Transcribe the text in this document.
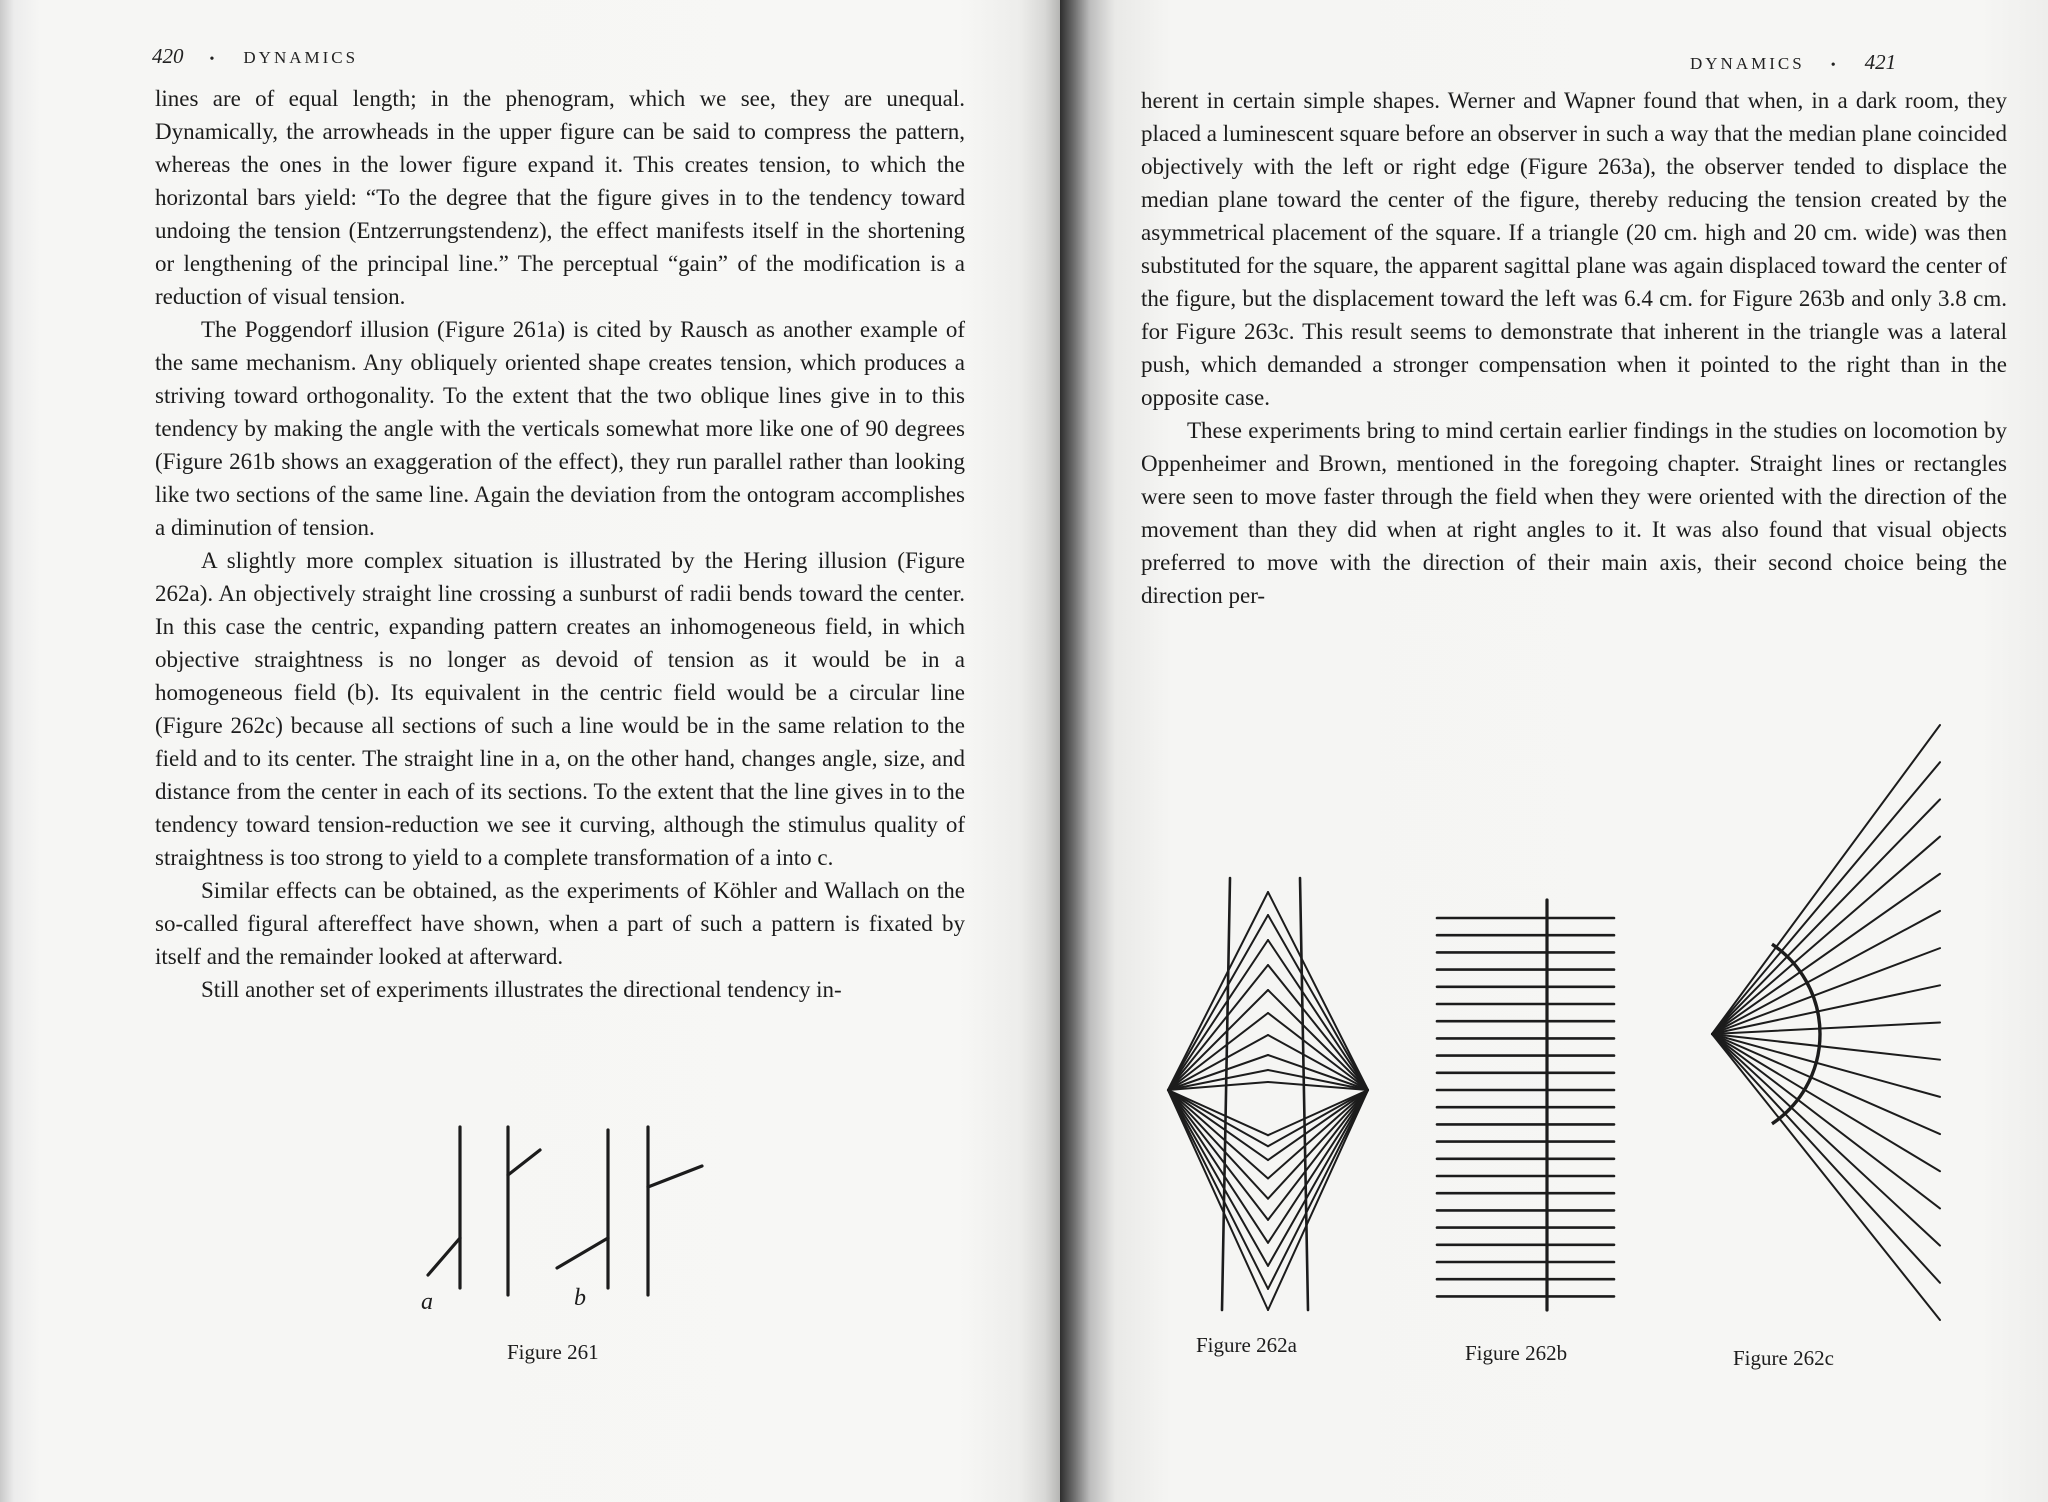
420 • DYNAMICS

lines are of equal length; in the phenogram, which we see, they are unequal. Dynamically, the arrowheads in the upper figure can be said to compress the pattern, whereas the ones in the lower figure expand it. This creates tension, to which the horizontal bars yield: “To the degree that the figure gives in to the tendency toward undoing the tension (Entzerrungstendenz), the effect manifests itself in the shortening or lengthening of the principal line.” The perceptual “gain” of the modification is a reduction of visual tension.

The Poggendorf illusion (Figure 261a) is cited by Rausch as another example of the same mechanism. Any obliquely oriented shape creates tension, which produces a striving toward orthogonality. To the extent that the two oblique lines give in to this tendency by making the angle with the verticals somewhat more like one of 90 degrees (Figure 261b shows an exaggeration of the effect), they run parallel rather than looking like two sections of the same line. Again the deviation from the ontogram accomplishes a diminution of tension.

A slightly more complex situation is illustrated by the Hering illusion (Figure 262a). An objectively straight line crossing a sunburst of radii bends toward the center. In this case the centric, expanding pattern creates an inhomogeneous field, in which objective straightness is no longer as devoid of tension as it would be in a homogeneous field (b). Its equivalent in the centric field would be a circular line (Figure 262c) because all sections of such a line would be in the same relation to the field and to its center. The straight line in a, on the other hand, changes angle, size, and distance from the center in each of its sections. To the extent that the line gives in to the tendency toward tension-reduction we see it curving, although the stimulus quality of straightness is too strong to yield to a complete transformation of a into c.

Similar effects can be obtained, as the experiments of Köhler and Wallach on the so-called figural aftereffect have shown, when a part of such a pattern is fixated by itself and the remainder looked at afterward.

Still another set of experiments illustrates the directional tendency in-

a	b
Figure 261
DYNAMICS • 421

herent in certain simple shapes. Werner and Wapner found that when, in a dark room, they placed a luminescent square before an observer in such a way that the median plane coincided objectively with the left or right edge (Figure 263a), the observer tended to displace the median plane toward the center of the figure, thereby reducing the tension created by the asymmetrical placement of the square. If a triangle (20 cm. high and 20 cm. wide) was then substituted for the square, the apparent sagittal plane was again displaced toward the center of the figure, but the displacement toward the left was 6.4 cm. for Figure 263b and only 3.8 cm. for Figure 263c. This result seems to demonstrate that inherent in the triangle was a lateral push, which demanded a stronger compensation when it pointed to the right than in the opposite case.

These experiments bring to mind certain earlier findings in the studies on locomotion by Oppenheimer and Brown, mentioned in the foregoing chapter. Straight lines or rectangles were seen to move faster through the field when they were oriented with the direction of the movement than they did when at right angles to it. It was also found that visual objects preferred to move with the direction of their main axis, their second choice being the direction per-

Figure 262a	Figure 262b	Figure 262c
